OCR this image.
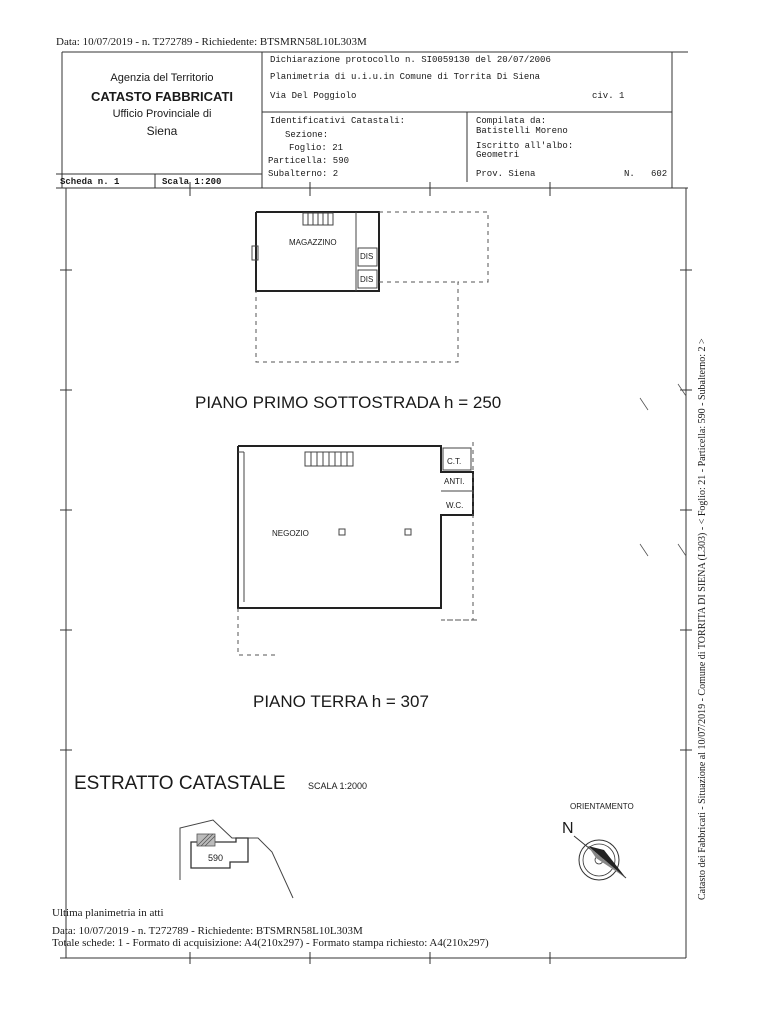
Data: 10/07/2019 - n. T272789 - Richiedente: BTSMRN58L10L303M
Agenzia del Territorio
CATASTO FABBRICATI
Ufficio Provinciale di
Siena
Dichiarazione protocollo n. SI0059130 del 20/07/2006
Planimetria di u.i.u.in Comune di Torrita Di Siena
Via Del Poggiolo	civ. 1
Identificativi Catastali:
Sezione:
Foglio: 21
Particella: 590
Subalterno: 2
Compilata da:
Batistelli Moreno
Iscritto all'albo:
Geometri
Prov. Siena	N.   602
Scheda n. 1	Scala 1:200
MAGAZZINO
DIS
DIS
PIANO PRIMO SOTTOSTRADA h = 250
C.T.
ANTI.
W.C.
NEGOZIO
PIANO TERRA h = 307
ESTRATTO CATASTALE	SCALA 1:2000
590
ORIENTAMENTO
N	Catasto dei Fabbricati - Situazione al 10/07/2019 - Comune di TORRITA DI SIENA (L303) - < Foglio: 21 - Particella: 590 - Subalterno: 2 >
Ultima planimetria in atti
Data: 10/07/2019 - n. T272789 - Richiedente: BTSMRN58L10L303M
Totale schede: 1 - Formato di acquisizione: A4(210x297) - Formato stampa richiesto: A4(210x297)
